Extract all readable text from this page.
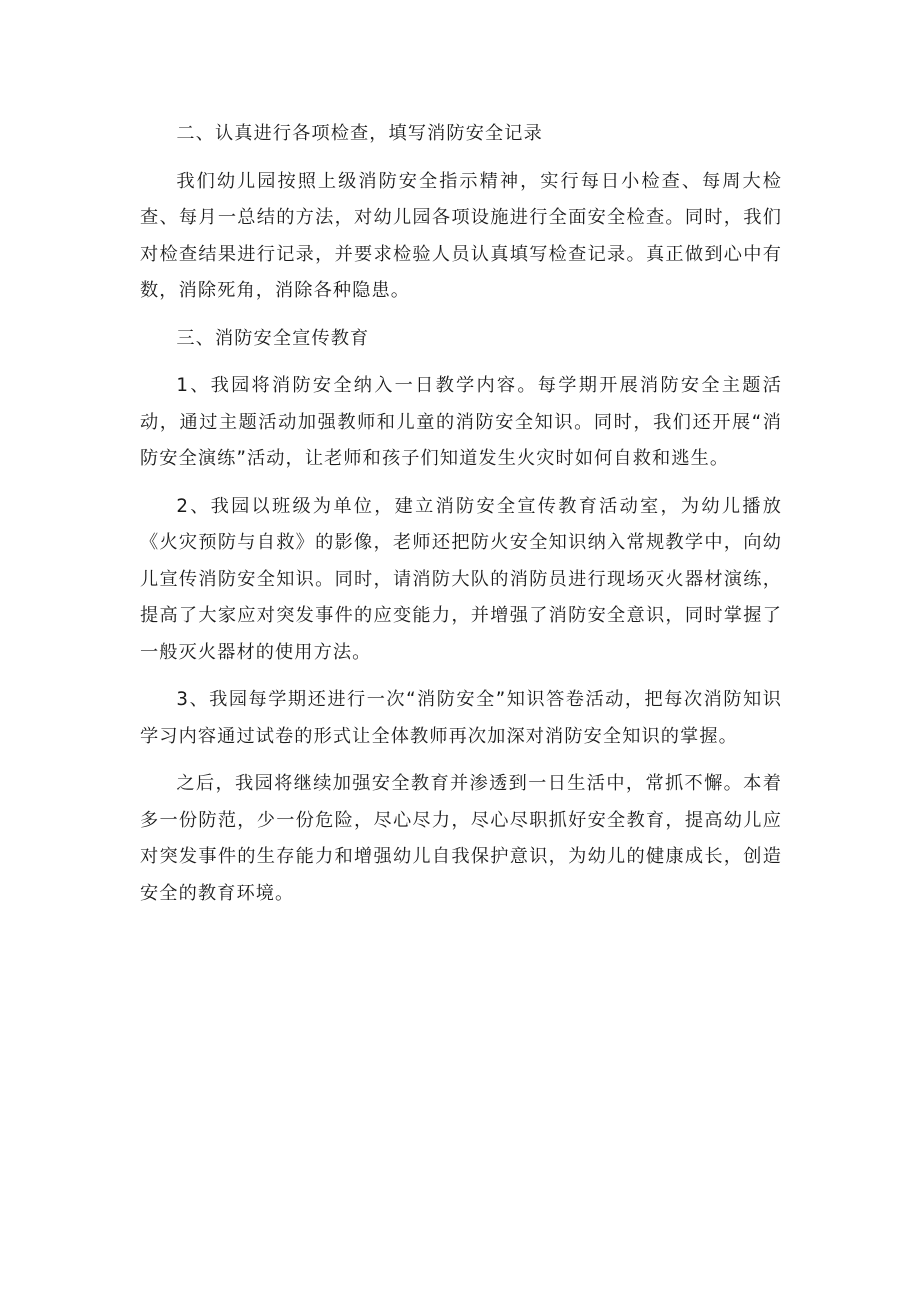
二、认真进行各项检查，填写消防安全记录

我们幼儿园按照上级消防安全指示精神，实行每日小检查、每周大检查、每月一总结的方法，对幼儿园各项设施进行全面安全检查。同时，我们对检查结果进行记录，并要求检验人员认真填写检查记录。真正做到心中有数，消除死角，消除各种隐患。

三、消防安全宣传教育

1、我园将消防安全纳入一日教学内容。每学期开展消防安全主题活动，通过主题活动加强教师和儿童的消防安全知识。同时，我们还开展“消防安全演练”活动，让老师和孩子们知道发生火灾时如何自救和逃生。

2、我园以班级为单位，建立消防安全宣传教育活动室，为幼儿播放《火灾预防与自救》的影像，老师还把防火安全知识纳入常规教学中，向幼儿宣传消防安全知识。同时，请消防大队的消防员进行现场灭火器材演练，提高了大家应对突发事件的应变能力，并增强了消防安全意识，同时掌握了一般灭火器材的使用方法。

3、我园每学期还进行一次“消防安全”知识答卷活动，把每次消防知识学习内容通过试卷的形式让全体教师再次加深对消防安全知识的掌握。

之后，我园将继续加强安全教育并渗透到一日生活中，常抓不懈。本着多一份防范，少一份危险，尽心尽力，尽心尽职抓好安全教育，提高幼儿应对突发事件的生存能力和增强幼儿自我保护意识，为幼儿的健康成长，创造安全的教育环境。
